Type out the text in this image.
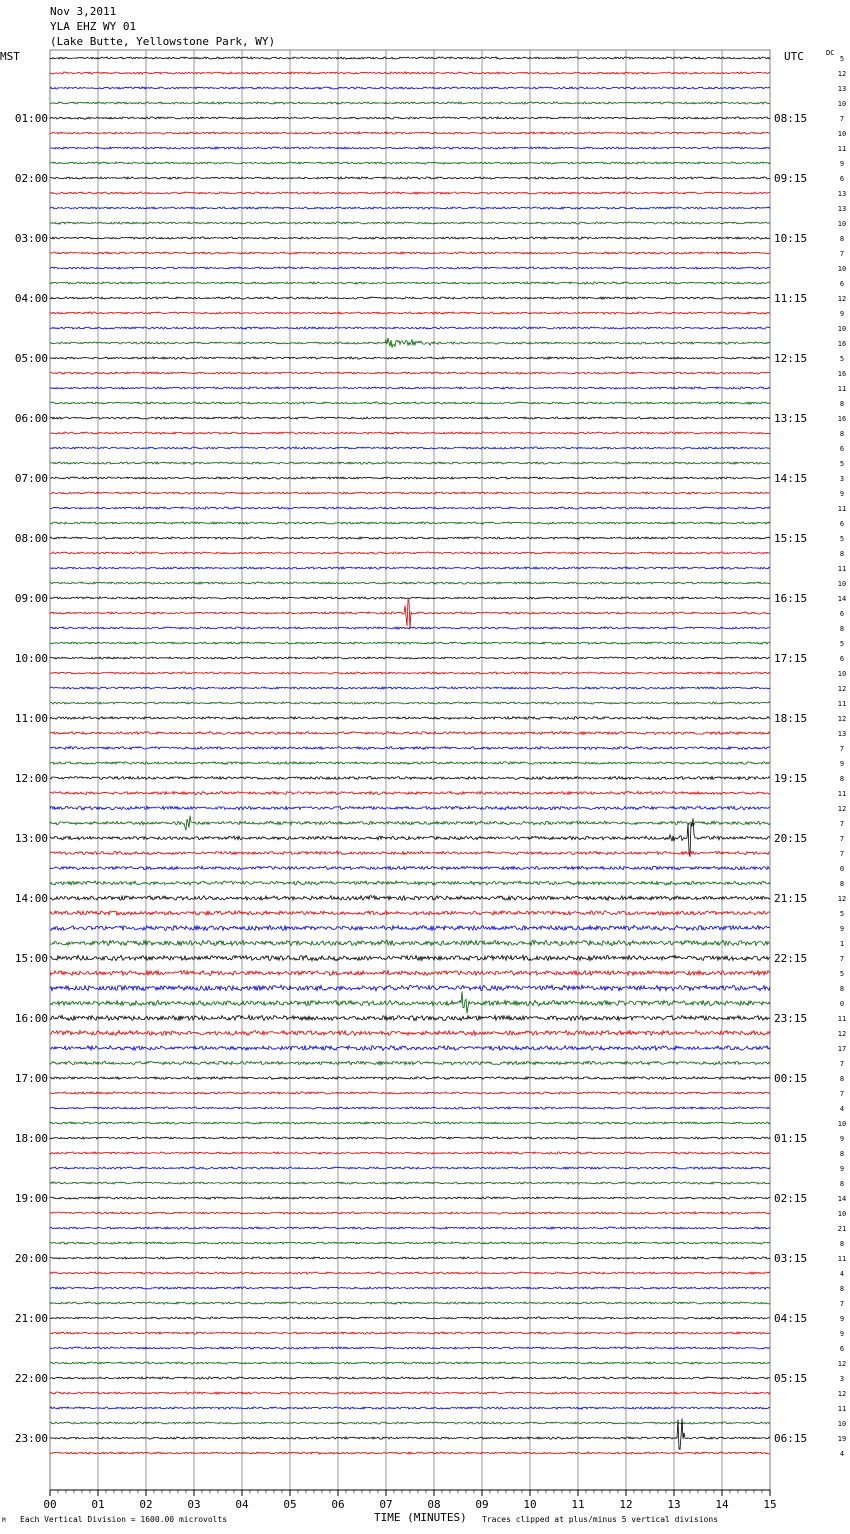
00	01	02	03	04	05	06	07	08	09	10	11	12	13	14	15
5
12
13
10
7
10
11
9
6
13
13
10
8
7
10
6
12
9
10
16
5
16
11
8
16
8
6
5
3
9
11
6
5
8
11
10
14
6
8
5
6
10
12
11
12
13
7
9
8
11
12
7
7
7
0
8
12
5
9
1
7
5
8
0
11
12
17
7
8
7
4
10
9
8
9
8
14
10
21
8
11
4
8
7
9
9
6
12
3
12
11
10
19
4
01:00
02:00
03:00
04:00
05:00
06:00
07:00
08:00
09:00
10:00
11:00
12:00
13:00
14:00
15:00
16:00
17:00
18:00
19:00
20:00
21:00
22:00
23:00
08:15
09:15
10:15
11:15
12:15
13:15
14:15
15:15
16:15
17:15
18:15
19:15
20:15
21:15
22:15
23:15
00:15
01:15
02:15
03:15
04:15
05:15
06:15
Nov 3,2011
YLA EHZ WY 01
(Lake Butte, Yellowstone Park, WY)
MST	UTC	DC
M Each Vertical Division = 1600.00 microvolts	TIME (MINUTES) Traces clipped at plus/minus 5 vertical divisions
